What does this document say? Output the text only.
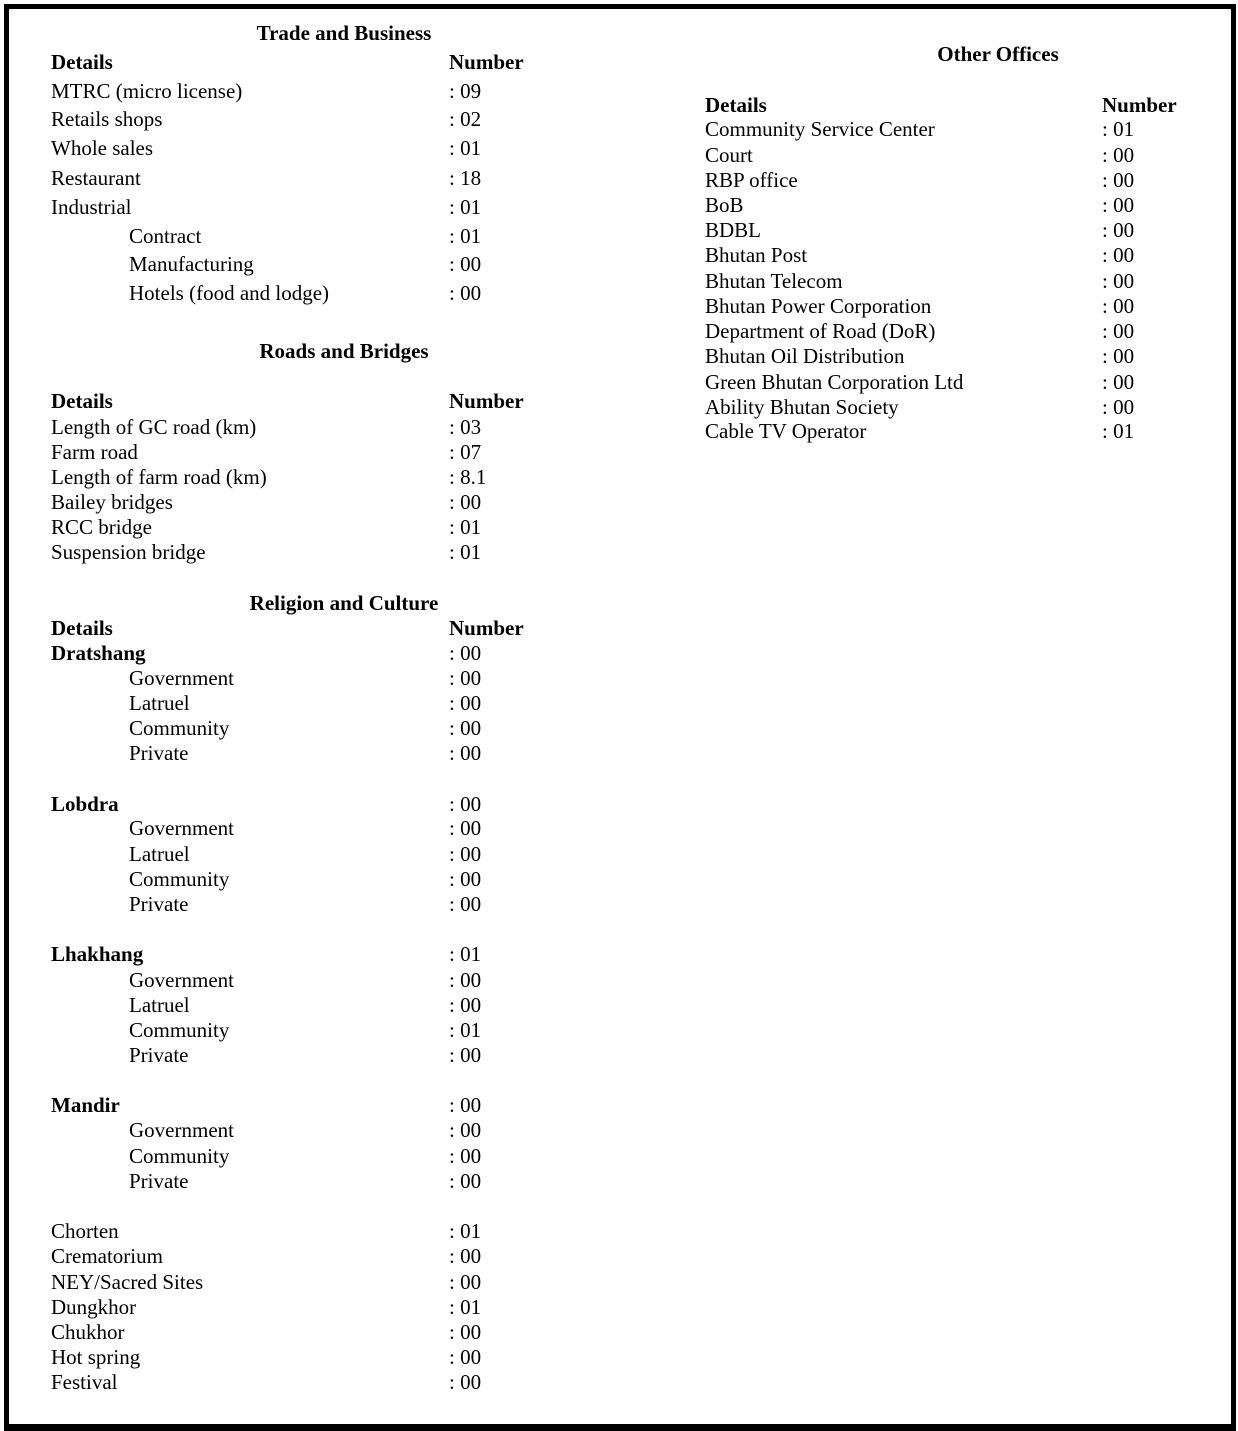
Trade and Business
Details	Number
MTRC (micro license)	: 09
Retails shops	: 02
Whole sales	: 01
Restaurant	: 18
Industrial	: 01
Contract	: 01
Manufacturing	: 00
Hotels (food and lodge)	: 00
Roads and Bridges
Details	Number
Length of GC road (km)	: 03
Farm road	: 07
Length of farm road (km)	: 8.1
Bailey bridges	: 00
RCC bridge	: 01
Suspension bridge	: 01
Religion and Culture
Details	Number
Dratshang	: 00
Government	: 00
Latruel	: 00
Community	: 00
Private	: 00
Lobdra	: 00
Government	: 00
Latruel	: 00
Community	: 00
Private	: 00
Lhakhang	: 01
Government	: 00
Latruel	: 00
Community	: 01
Private	: 00
Mandir	: 00
Government	: 00
Community	: 00
Private	: 00
Chorten	: 01
Crematorium	: 00
NEY/Sacred Sites	: 00
Dungkhor	: 01
Chukhor	: 00
Hot spring	: 00
Festival	: 00
Other Offices
Details	Number
Community Service Center	: 01
Court	: 00
RBP office	: 00
BoB	: 00
BDBL	: 00
Bhutan Post	: 00
Bhutan Telecom	: 00
Bhutan Power Corporation	: 00
Department of Road (DoR)	: 00
Bhutan Oil Distribution	: 00
Green Bhutan Corporation Ltd	: 00
Ability Bhutan Society	: 00
Cable TV Operator	: 01
